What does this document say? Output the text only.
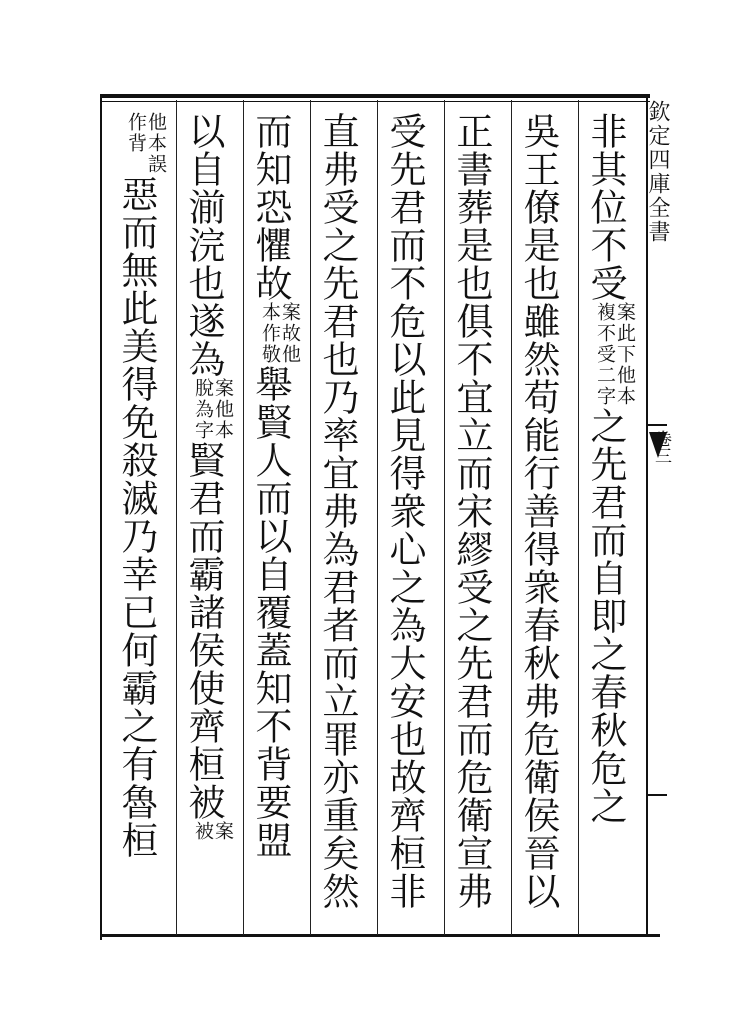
欽定四庫全書
卷三
非其位不受
案此下他本
複不受二字
之先君而自即之春秋危之
吳王僚是也雖然苟能行善得衆春秋弗危衛侯晉以
正書葬是也俱不宜立而宋繆受之先君而危衛宣弗
受先君而不危以此見得衆心之為大安也故齊桓非
直弗受之先君也乃率宜弗為君者而立罪亦重矣然
而知恐懼故
案故他
本作敬
舉賢人而以自覆蓋知不背要盟
以自湔浣也遂為
案他本
脫為字
賢君而霸諸侯使齊桓被
案
被
他本誤
作背
惡而無此美得免殺滅乃幸已何霸之有魯桓
